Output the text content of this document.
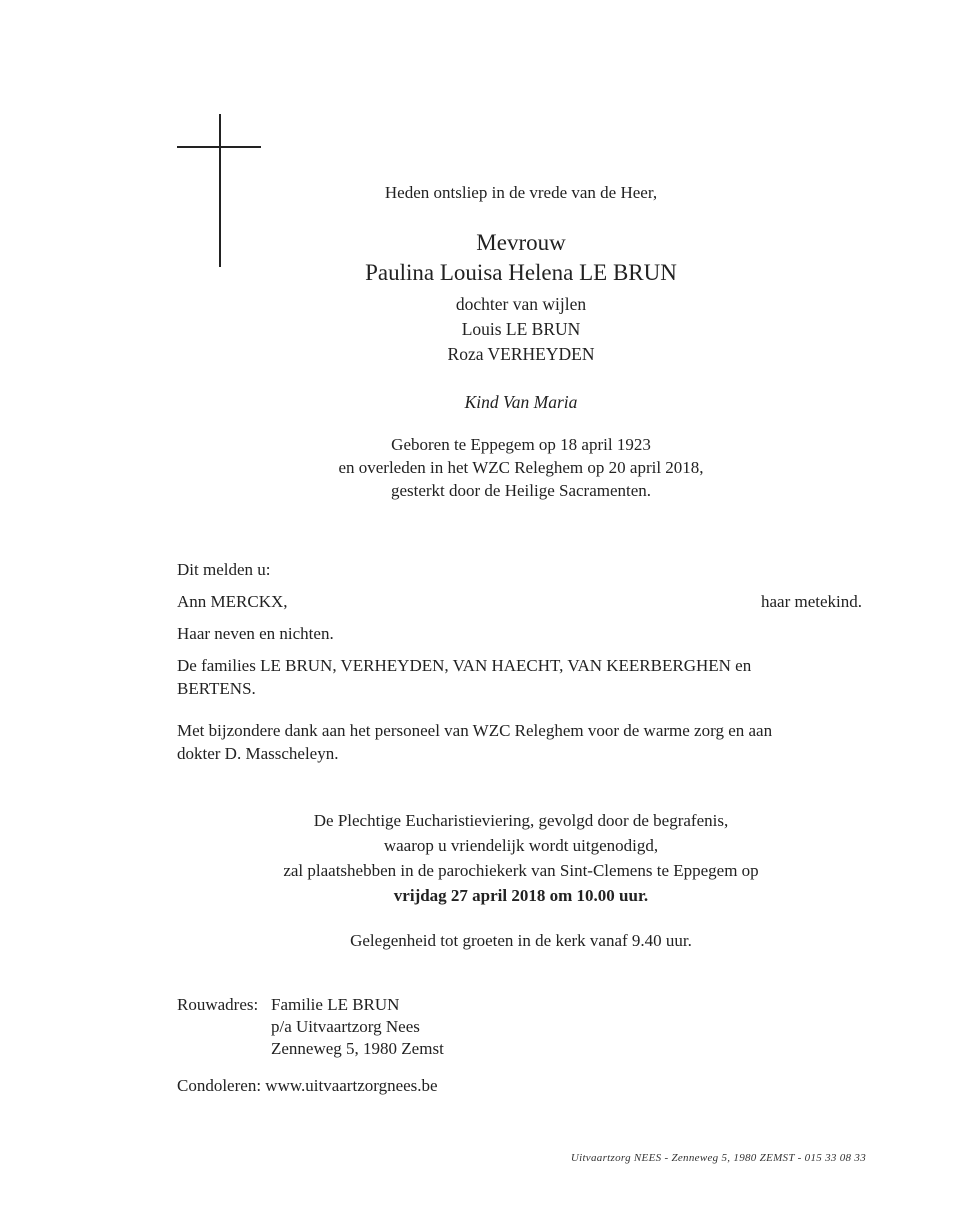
Heden ontsliep in de vrede van de Heer,
Mevrouw
Paulina Louisa Helena LE BRUN
dochter van wijlen
Louis LE BRUN
Roza VERHEYDEN
Kind Van Maria
Geboren te Eppegem op 18 april 1923
en overleden in het WZC Releghem op 20 april 2018,
gesterkt door de Heilige Sacramenten.
Dit melden u:
Ann MERCKX,	haar metekind.
Haar neven en nichten.
De families LE BRUN, VERHEYDEN, VAN HAECHT, VAN KEERBERGHEN en BERTENS.
Met bijzondere dank aan het personeel van WZC Releghem voor de warme zorg en aan dokter D. Masscheleyn.
De Plechtige Eucharistieviering, gevolgd door de begrafenis,
waarop u vriendelijk wordt uitgenodigd,
zal plaatshebben in de parochiekerk van Sint-Clemens te Eppegem op
vrijdag 27 april 2018 om 10.00 uur.
Gelegenheid tot groeten in de kerk vanaf 9.40 uur.
Rouwadres: Familie LE BRUN
p/a Uitvaartzorg Nees
Zenneweg 5, 1980 Zemst
Condoleren: www.uitvaartzorgnees.be
Uitvaartzorg NEES - Zenneweg 5, 1980 ZEMST - 015 33 08 33
